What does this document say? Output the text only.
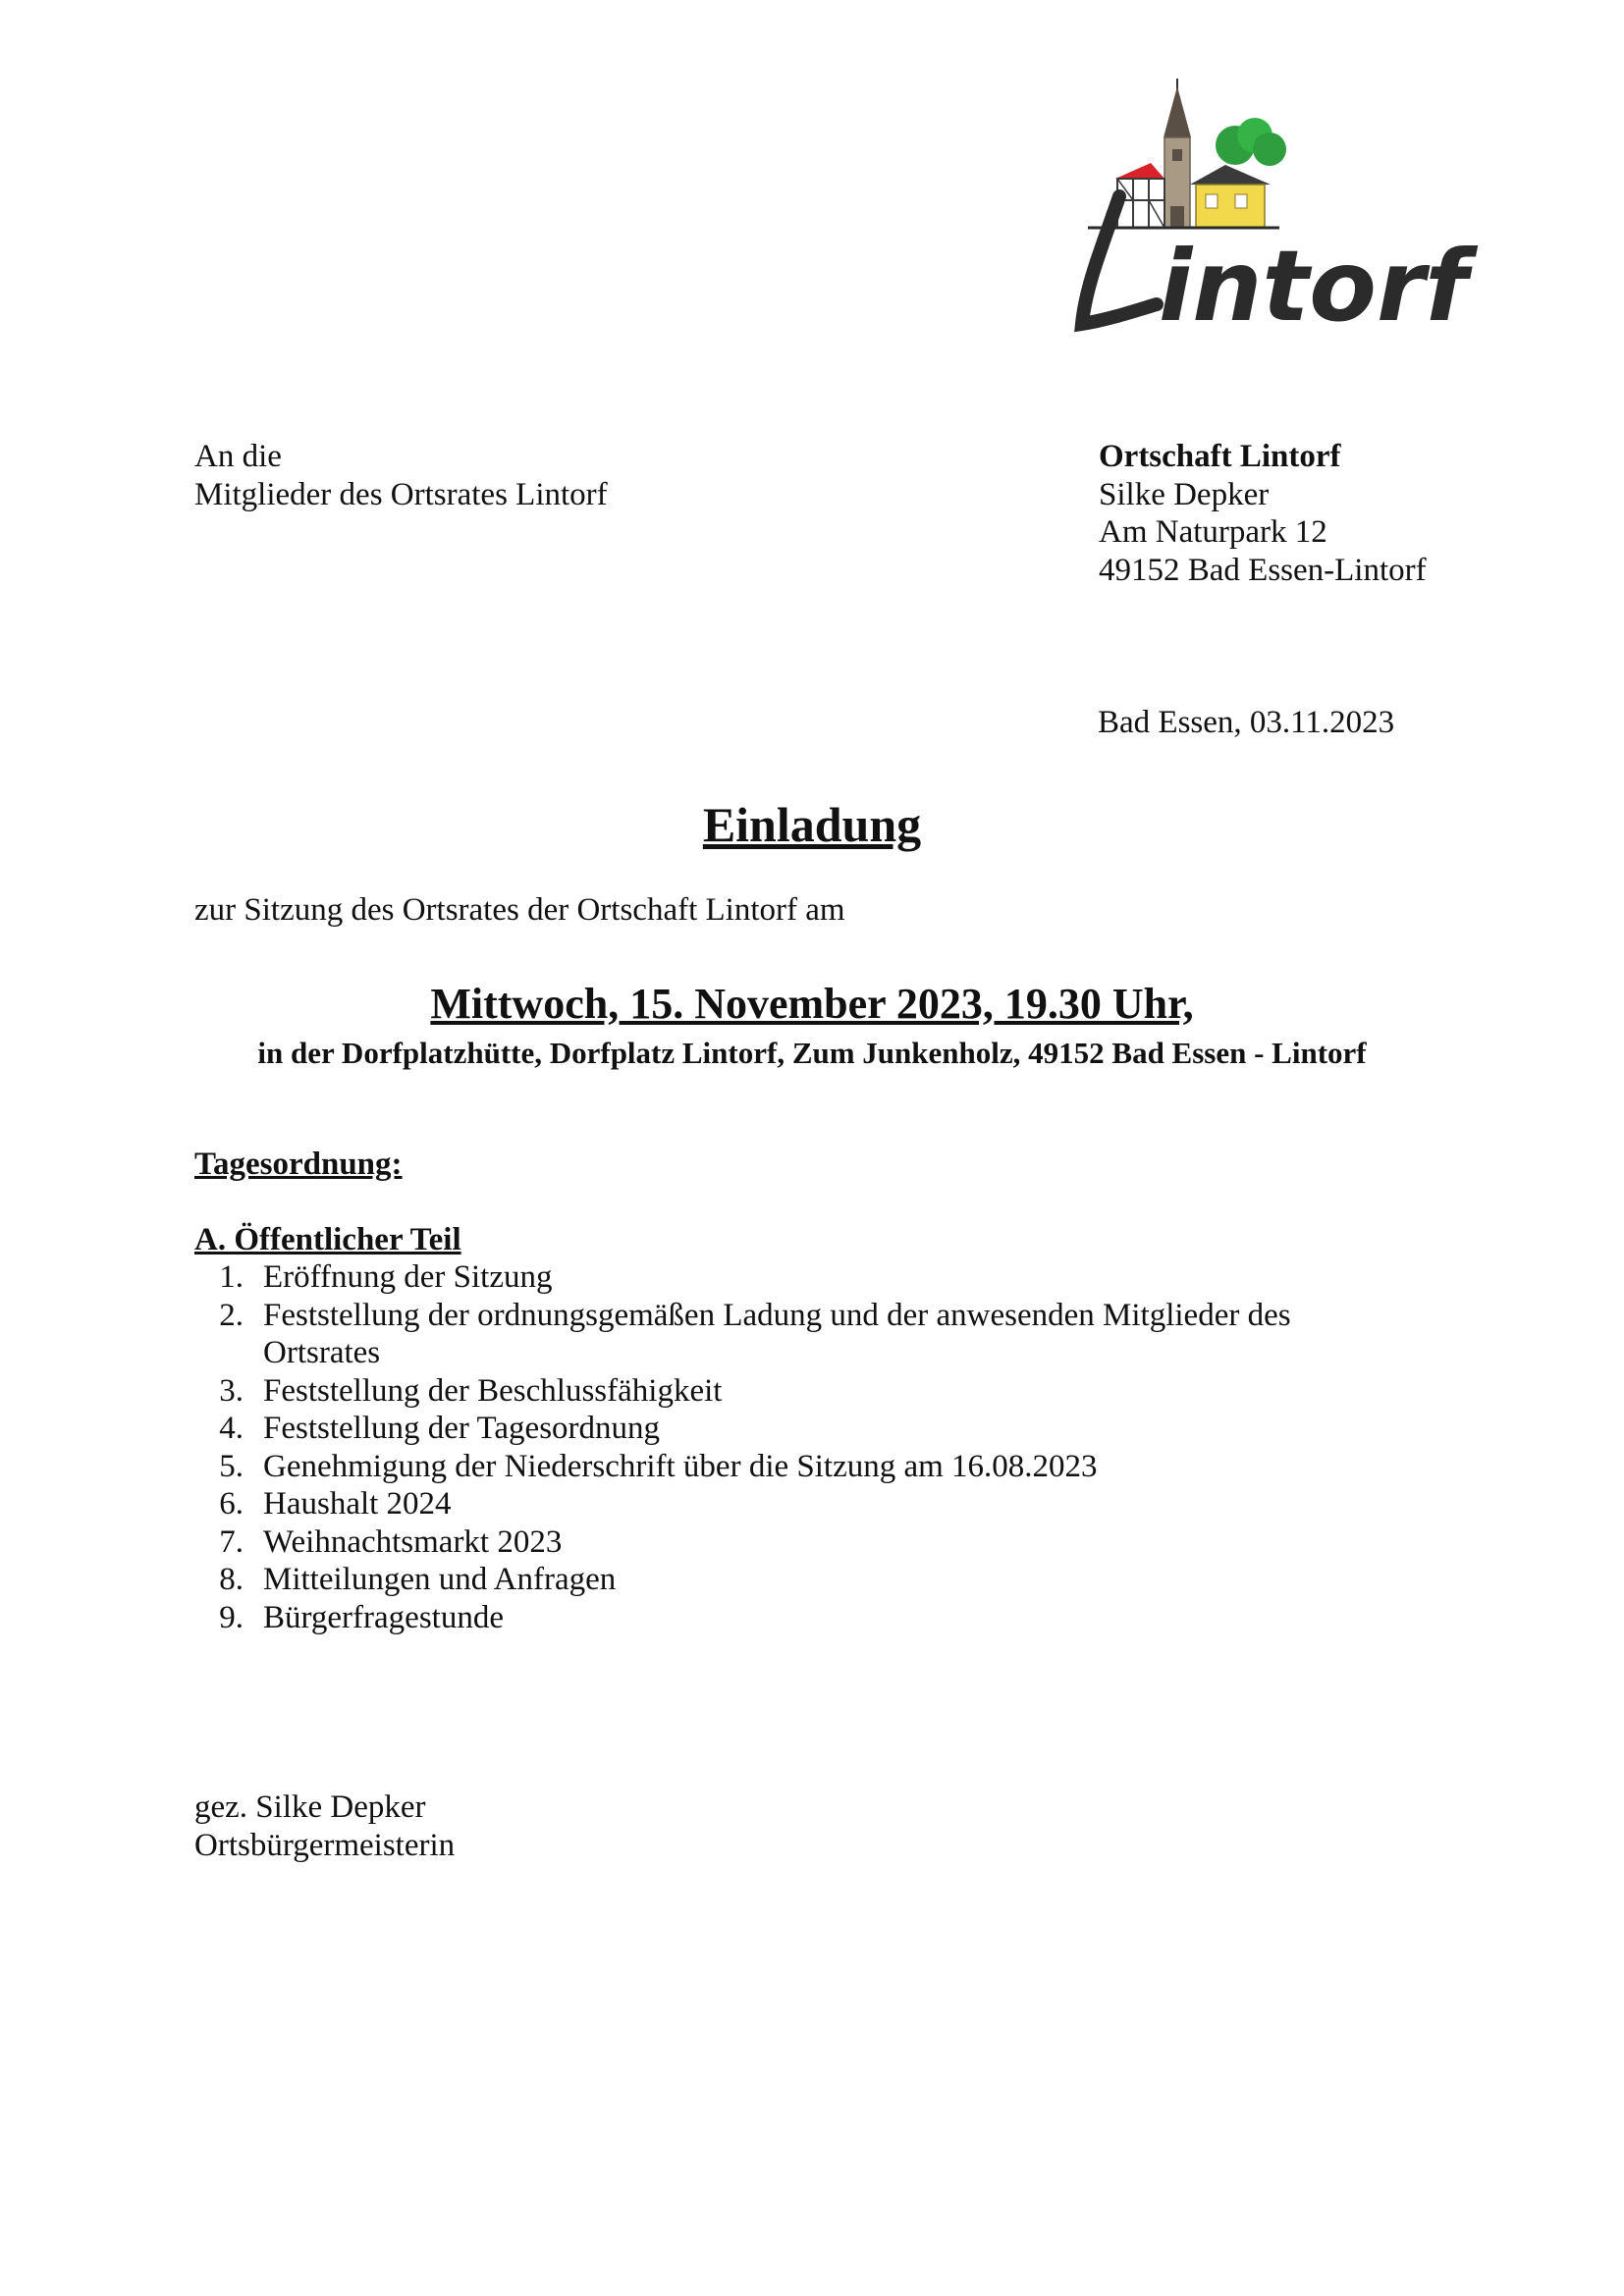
intorf
An die
Mitglieder des Ortsrates Lintorf
Ortschaft Lintorf
Silke Depker
Am Naturpark 12
49152 Bad Essen-Lintorf
Bad Essen, 03.11.2023
Einladung
zur Sitzung des Ortsrates der Ortschaft Lintorf am
Mittwoch, 15. November 2023, 19.30 Uhr,
in der Dorfplatzhütte, Dorfplatz Lintorf, Zum Junkenholz, 49152 Bad Essen - Lintorf
Tagesordnung:
A. Öffentlicher Teil
1. Eröffnung der Sitzung
2. Feststellung der ordnungsgemäßen Ladung und der anwesenden Mitglieder des Ortsrates
3. Feststellung der Beschlussfähigkeit
4. Feststellung der Tagesordnung
5. Genehmigung der Niederschrift über die Sitzung am 16.08.2023
6. Haushalt 2024
7. Weihnachtsmarkt 2023
8. Mitteilungen und Anfragen
9. Bürgerfragestunde
gez. Silke Depker
Ortsbürgermeisterin
